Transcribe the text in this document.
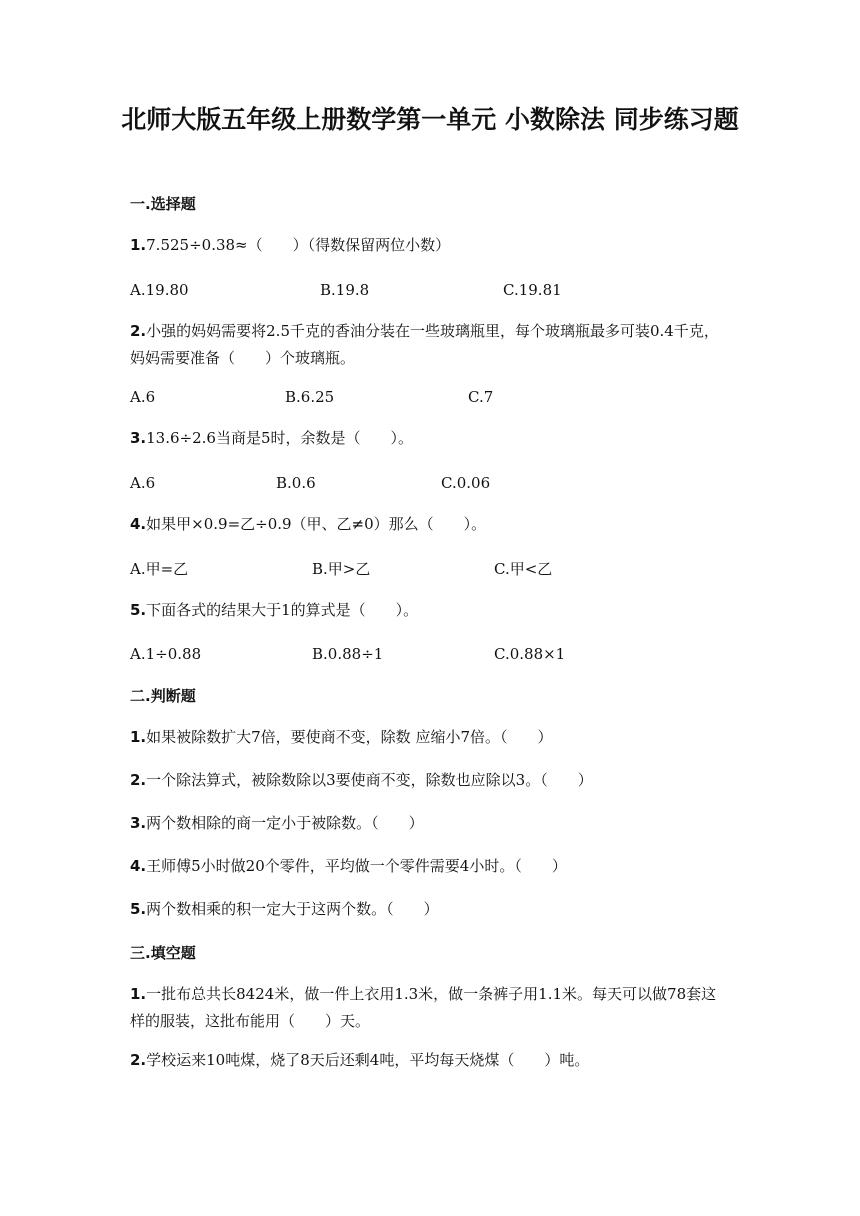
北师大版五年级上册数学第一单元 小数除法 同步练习题
一.选择题
1.7.525÷0.38≈（　　）（得数保留两位小数）
A.19.80	B.19.8	C.19.81
2.小强的妈妈需要将2.5千克的香油分装在一些玻璃瓶里，每个玻璃瓶最多可装0.4千克，妈妈需要准备（　　）个玻璃瓶。
A.6	B.6.25	C.7
3.13.6÷2.6当商是5时，余数是（　　）。
A.6	B.0.6	C.0.06
4.如果甲×0.9=乙÷0.9（甲、乙≠0）那么（　　）。
A.甲=乙	B.甲>乙	C.甲<乙
5.下面各式的结果大于1的算式是（　　）。
A.1÷0.88	B.0.88÷1	C.0.88×1
二.判断题
1.如果被除数扩大7倍，要使商不变，除数 应缩小7倍。（　　）
2.一个除法算式，被除数除以3要使商不变，除数也应除以3。（　　）
3.两个数相除的商一定小于被除数。（　　）
4.王师傅5小时做20个零件，平均做一个零件需要4小时。（　　）
5.两个数相乘的积一定大于这两个数。（　　）
三.填空题
1.一批布总共长8424米，做一件上衣用1.3米，做一条裤子用1.1米。每天可以做78套这样的服装，这批布能用（　　）天。
2.学校运来10吨煤，烧了8天后还剩4吨，平均每天烧煤（　　）吨。
